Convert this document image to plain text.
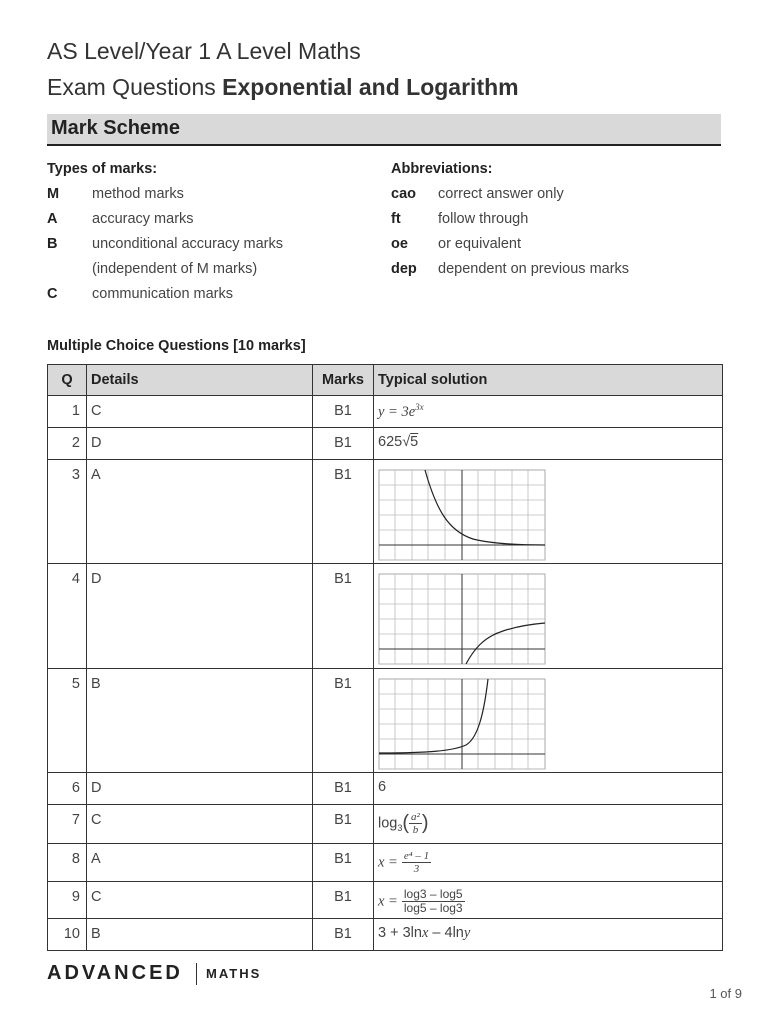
AS Level/Year 1 A Level Maths
Exam Questions Exponential and Logarithm
Mark Scheme
Types of marks:
M method marks
A accuracy marks
B unconditional accuracy marks
(independent of M marks)
C communication marks
Abbreviations:
cao correct answer only
ft	follow through
oe or equivalent
dep dependent on previous marks
Multiple Choice Questions [10 marks]
Q	Details	Marks	Typical solution
1	C	B1	$y = 3e^{3x}$
2	D	B1	625√5
3	A	B1	

4	D	B1	

5	B	B1	

6	D	B1	6
7	C	B1	$\log_3( \frac{\text{a²}}{b}$ )
8	A	B1	$x = \frac{\text{e⁴ – 1}}{3}$

9	C	B1	$x = \frac{\log 3 - \log 5}{\log 5 - \log 3}$

10	B	B1	3 + 3lnx – 4lny
ADVANCED MATHS
1 of 9
